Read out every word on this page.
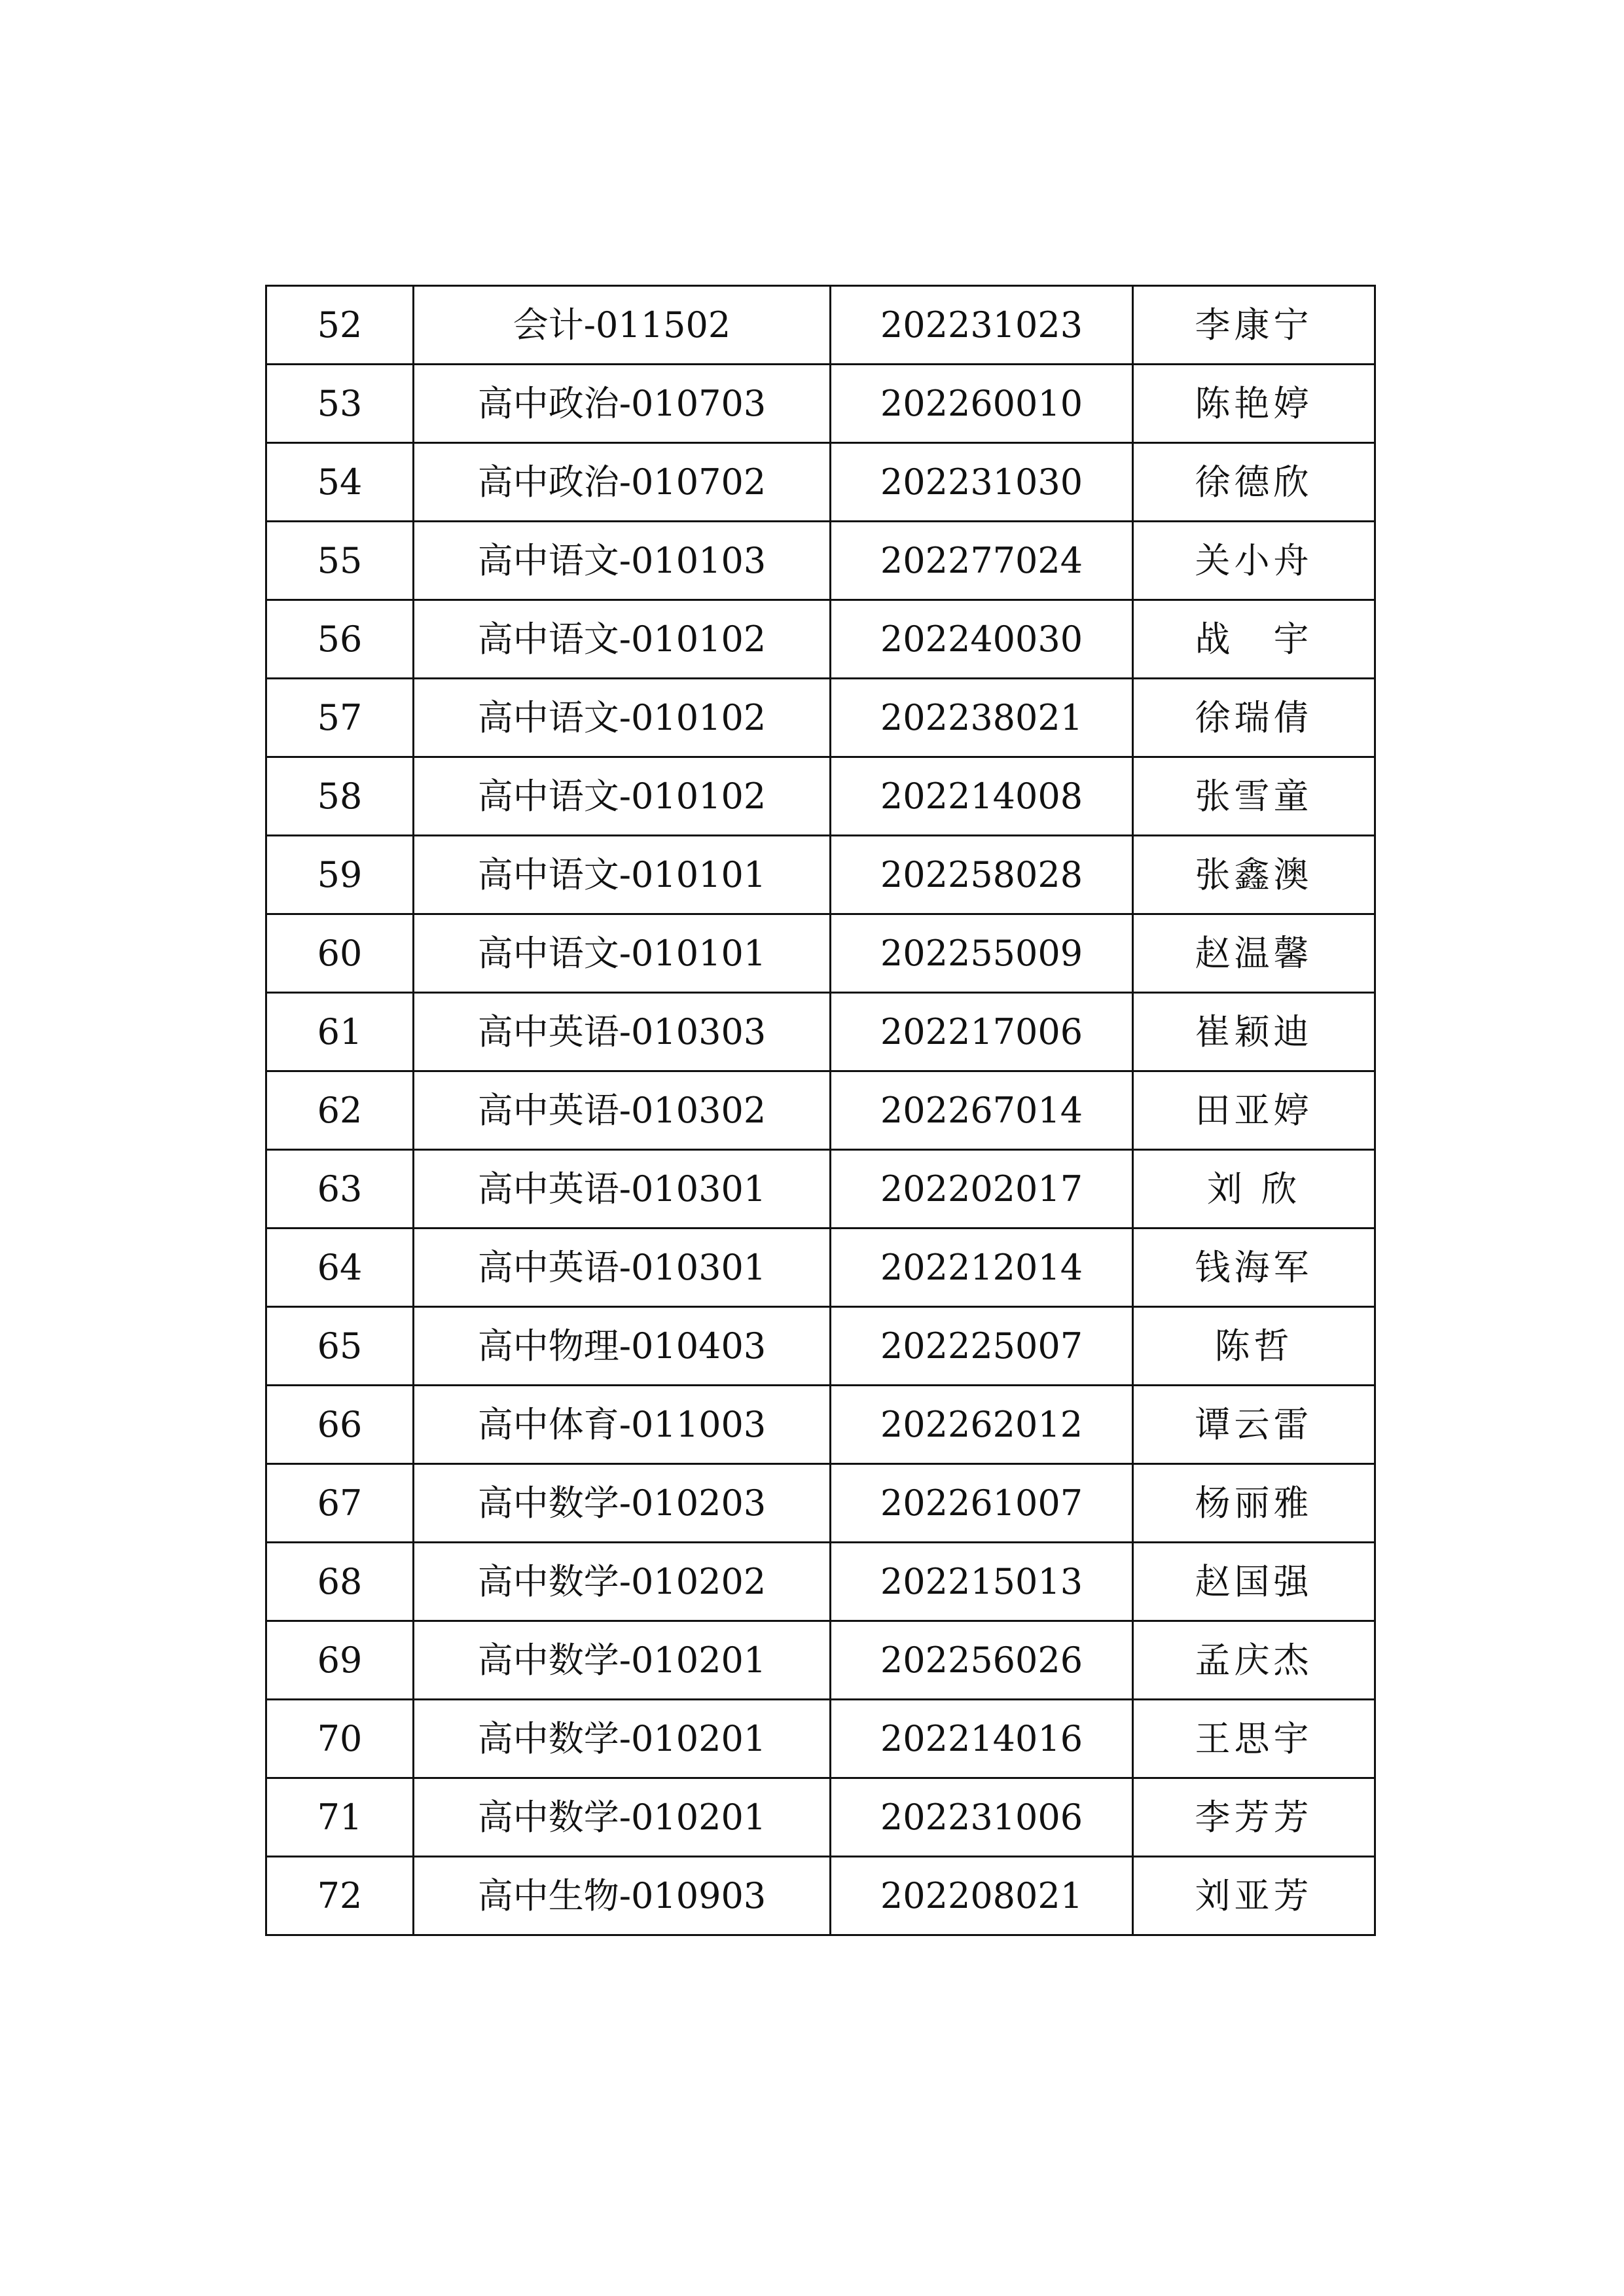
52	会计-011502	202231023	李康宁
53	高中政治-010703	202260010	陈艳婷
54	高中政治-010702	202231030	徐德欣
55	高中语文-010103	202277024	关小舟
56	高中语文-010102	202240030	战　宇
57	高中语文-010102	202238021	徐瑞倩
58	高中语文-010102	202214008	张雪童
59	高中语文-010101	202258028	张鑫澳
60	高中语文-010101	202255009	赵温馨
61	高中英语-010303	202217006	崔颖迪
62	高中英语-010302	202267014	田亚婷
63	高中英语-010301	202202017	刘 欣
64	高中英语-010301	202212014	钱海军
65	高中物理-010403	202225007	陈哲
66	高中体育-011003	202262012	谭云雷
67	高中数学-010203	202261007	杨丽雅
68	高中数学-010202	202215013	赵国强
69	高中数学-010201	202256026	孟庆杰
70	高中数学-010201	202214016	王思宇
71	高中数学-010201	202231006	李芳芳
72	高中生物-010903	202208021	刘亚芳
